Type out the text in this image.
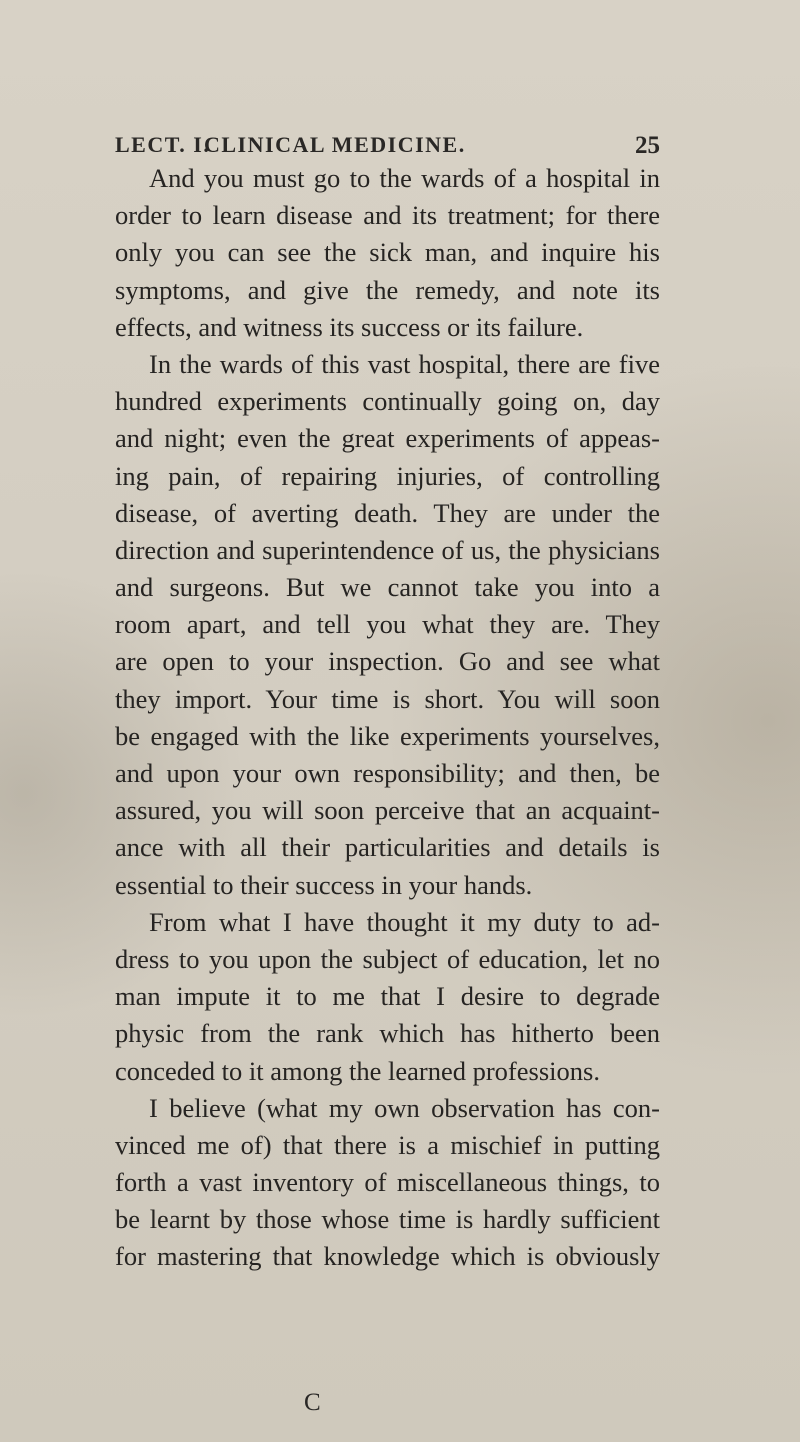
LECT. I.
CLINICAL MEDICINE.	25
And you must go to the wards of a hospital in
order to learn disease and its treatment; for there
only you can see the sick man, and inquire his
symptoms, and give the remedy, and note its
effects, and witness its success or its failure.
In the wards of this vast hospital, there are five
hundred experiments continually going on, day
and night; even the great experiments of appeas-
ing pain, of repairing injuries, of controlling
disease, of averting death. They are under the
direction and superintendence of us, the physicians
and surgeons. But we cannot take you into a
room apart, and tell you what they are. They
are open to your inspection. Go and see what
they import. Your time is short. You will soon
be engaged with the like experiments yourselves,
and upon your own responsibility; and then, be
assured, you will soon perceive that an acquaint-
ance with all their particularities and details is
essential to their success in your hands.
From what I have thought it my duty to ad-
dress to you upon the subject of education, let no
man impute it to me that I desire to degrade
physic from the rank which has hitherto been
conceded to it among the learned professions.
I believe (what my own observation has con-
vinced me of) that there is a mischief in putting
forth a vast inventory of miscellaneous things, to
be learnt by those whose time is hardly sufficient
for mastering that knowledge which is obviously
C
